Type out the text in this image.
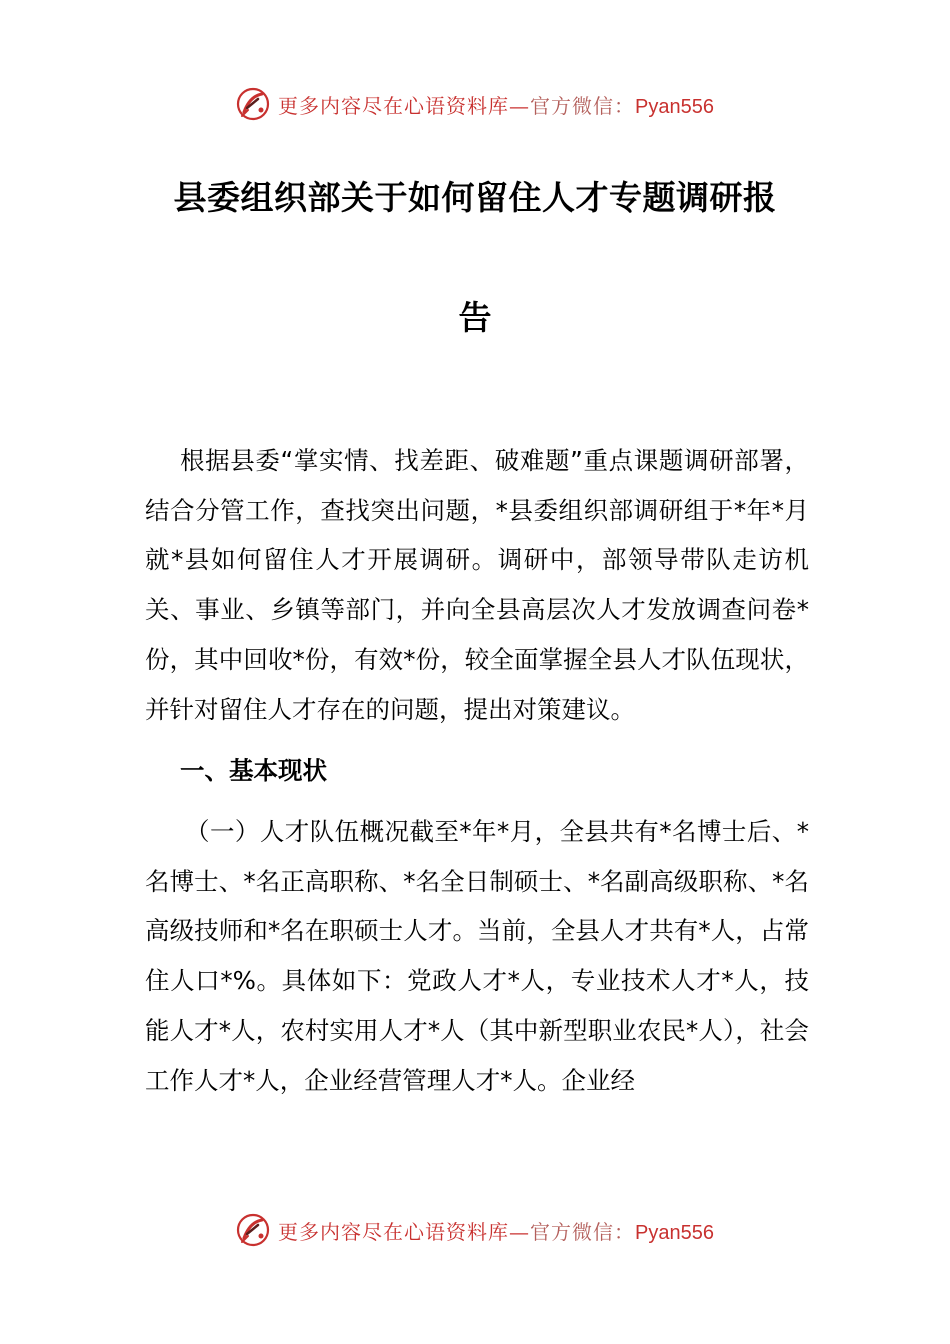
更多内容尽在心语资料库—官方微信：Pyan556
县委组织部关于如何留住人才专题调研报
告

根据县委“掌实情、找差距、破难题”重点课题调研部署，结合分管工作，查找突出问题，*县委组织部调研组于*年*月就*县如何留住人才开展调研。调研中，部领导带队走访机关、事业、乡镇等部门，并向全县高层次人才发放调查问卷*份，其中回收*份，有效*份，较全面掌握全县人才队伍现状，并针对留住人才存在的问题，提出对策建议。

一、基本现状

（一）人才队伍概况截至*年*月，全县共有*名博士后、*名博士、*名正高职称、*名全日制硕士、*名副高级职称、*名高级技师和*名在职硕士人才。当前，全县人才共有*人，占常住人口*%。具体如下：党政人才*人，专业技术人才*人，技能人才*人，农村实用人才*人（其中新型职业农民*人），社会工作人才*人，企业经营管理人才*人。企业经

更多内容尽在心语资料库—官方微信：Pyan556
